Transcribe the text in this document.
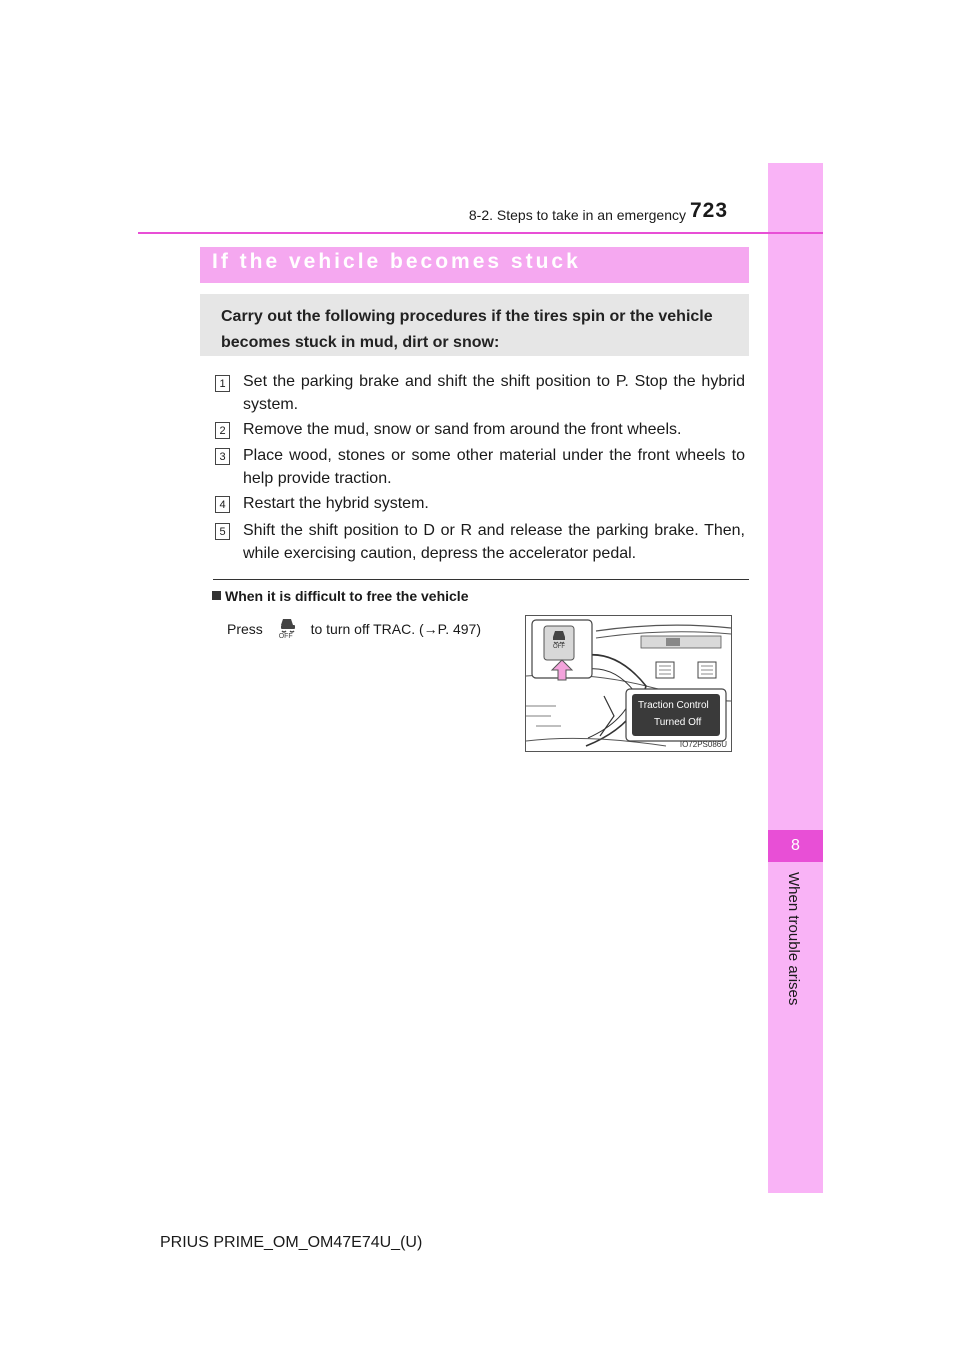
8
8-2. Steps to take in an emergency 723
If the vehicle becomes stuck
Carry out the following procedures if the tires spin or the vehicle becomes stuck in mud, dirt or snow:
1 Set the parking brake and shift the shift position to P. Stop the hybrid system.
2 Remove the mud, snow or sand from around the front wheels.
3 Place wood, stones or some other material under the front wheels to help provide traction.
4 Restart the hybrid system.
5 Shift the shift position to D or R and release the parking brake. Then, while exercising caution, depress the accelerator pedal.
When it is difficult to free the vehicle
Press OFF to turn off TRAC. (→P. 497)
OFF
Traction Control
Turned Off
IO72PS086U
PRIUS PRIME_OM_OM47E74U_(U)
